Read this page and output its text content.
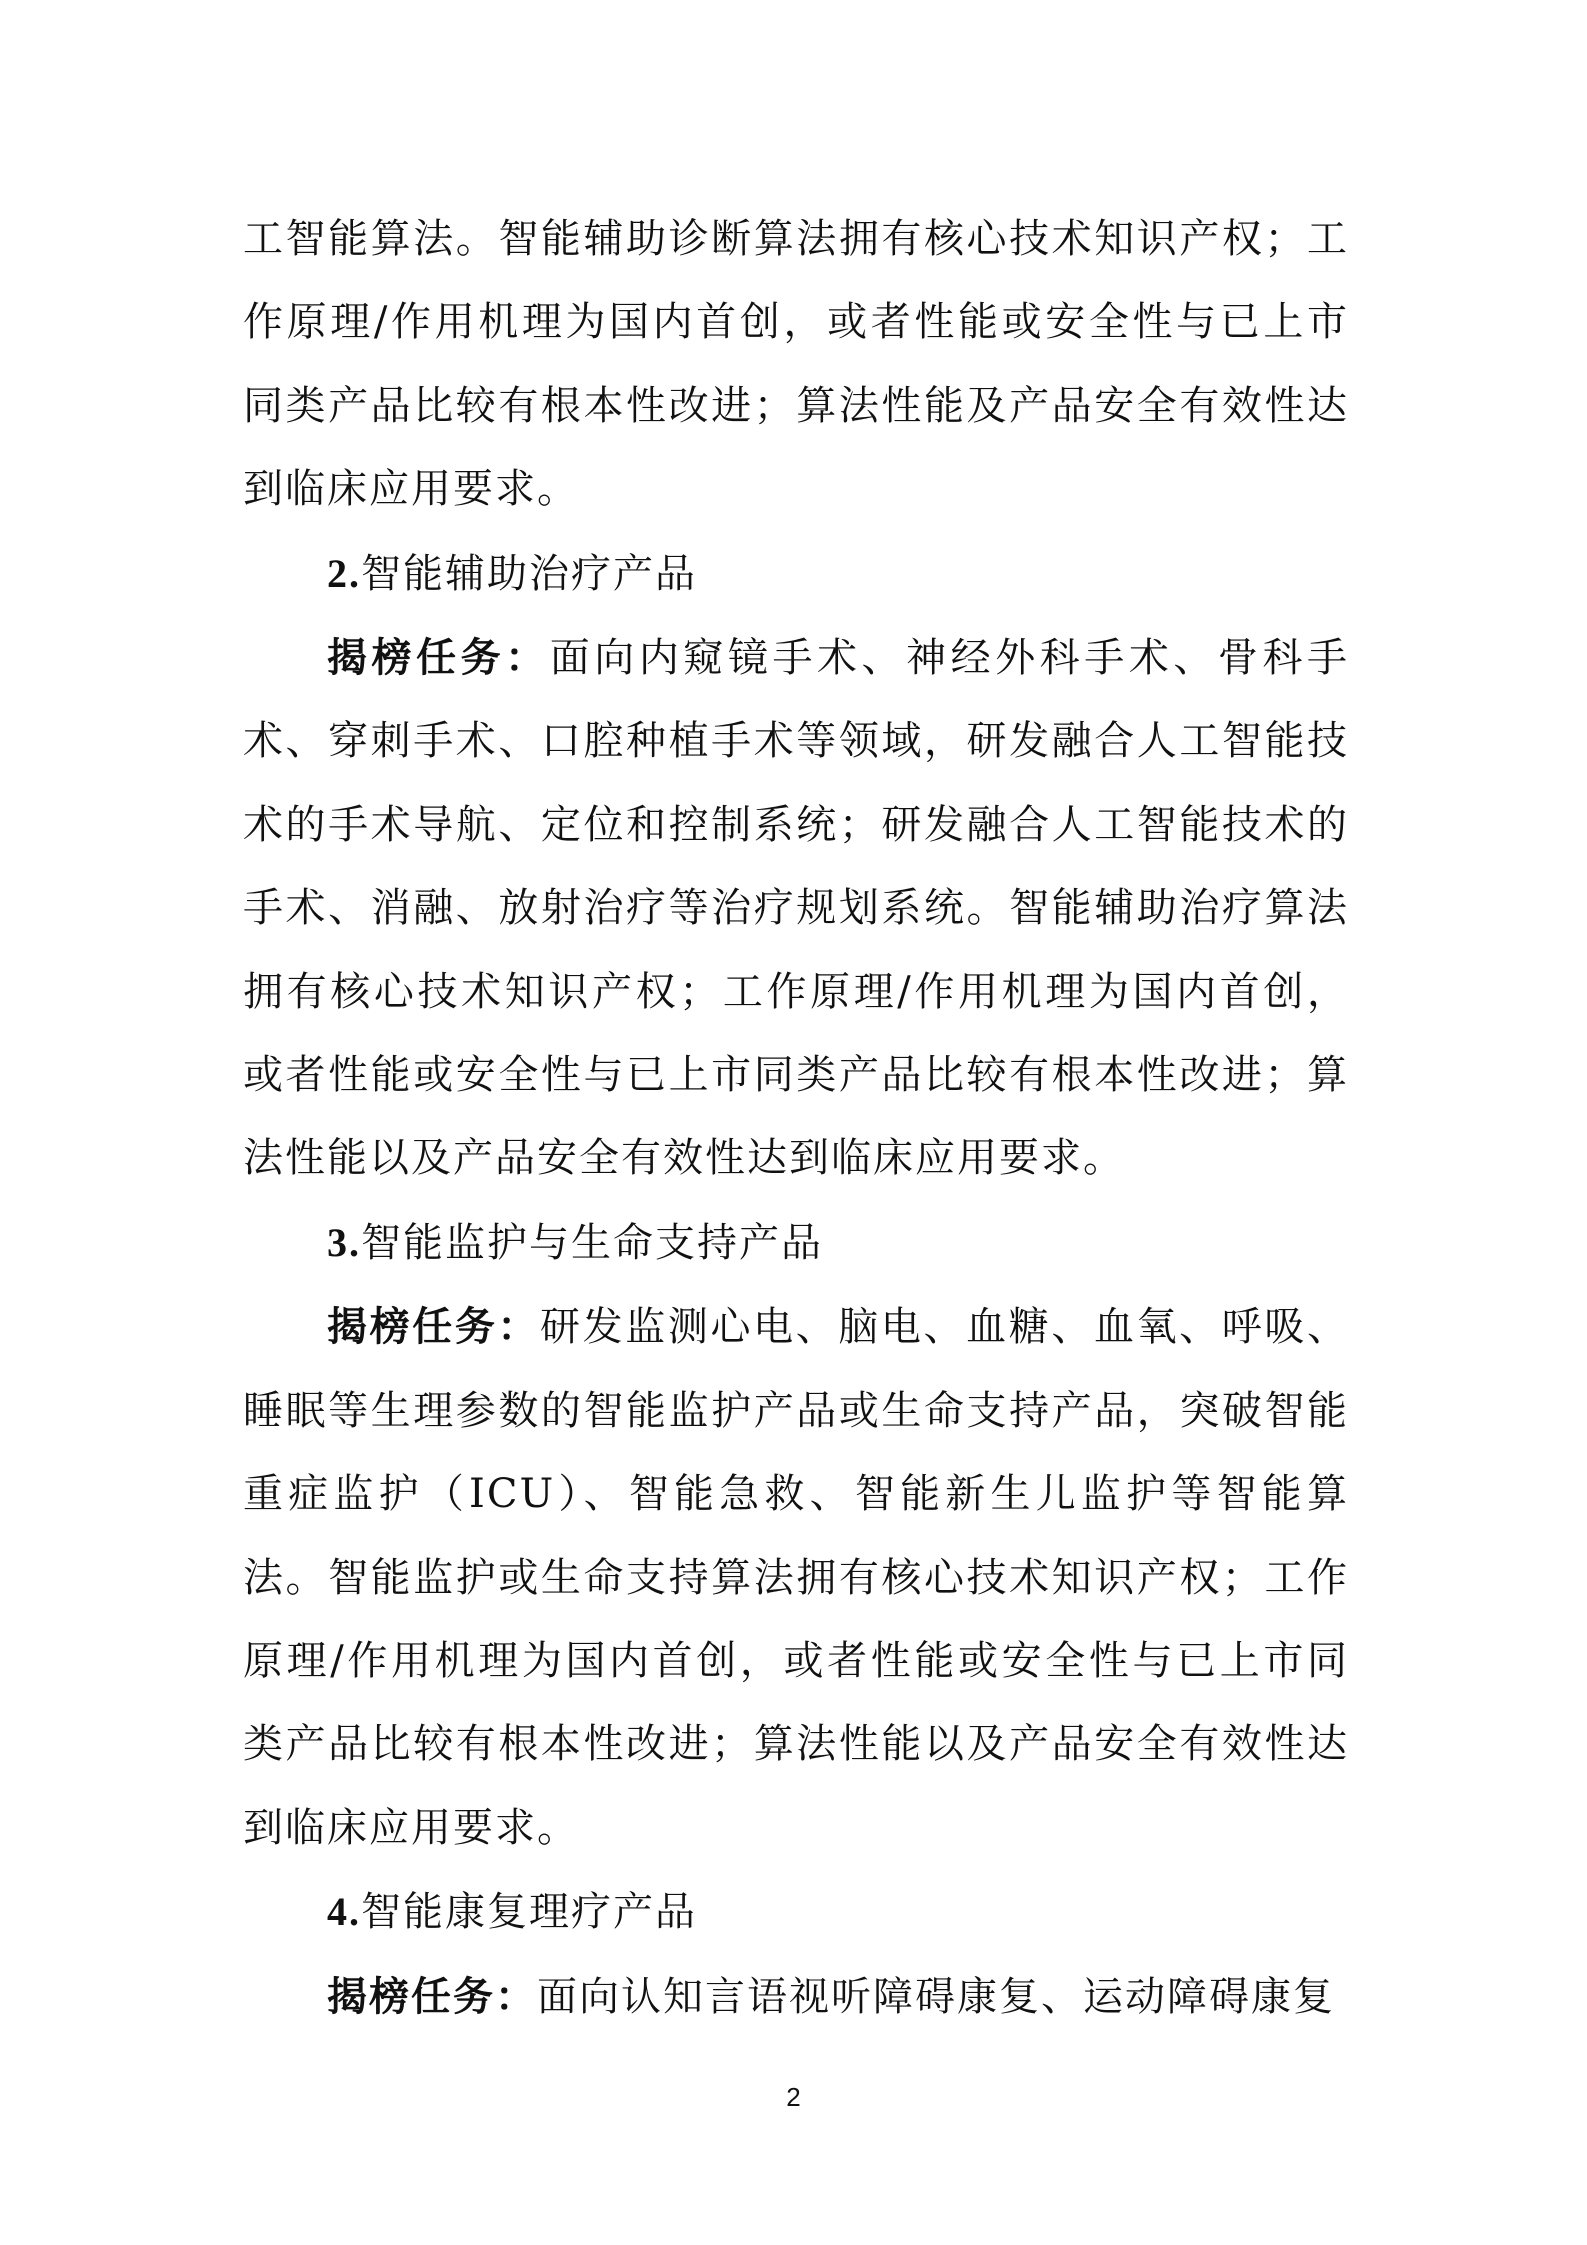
工智能算法。智能辅助诊断算法拥有核心技术知识产权；工作原理/作用机理为国内首创，或者性能或安全性与已上市同类产品比较有根本性改进；算法性能及产品安全有效性达到临床应用要求。

2.智能辅助治疗产品

揭榜任务：面向内窥镜手术、神经外科手术、骨科手术、穿刺手术、口腔种植手术等领域，研发融合人工智能技术的手术导航、定位和控制系统；研发融合人工智能技术的手术、消融、放射治疗等治疗规划系统。智能辅助治疗算法拥有核心技术知识产权；工作原理/作用机理为国内首创，或者性能或安全性与已上市同类产品比较有根本性改进；算法性能以及产品安全有效性达到临床应用要求。

3.智能监护与生命支持产品

揭榜任务：研发监测心电、脑电、血糖、血氧、呼吸、睡眠等生理参数的智能监护产品或生命支持产品，突破智能重症监护（ICU）、智能急救、智能新生儿监护等智能算法。智能监护或生命支持算法拥有核心技术知识产权；工作原理/作用机理为国内首创，或者性能或安全性与已上市同类产品比较有根本性改进；算法性能以及产品安全有效性达到临床应用要求。

4.智能康复理疗产品

揭榜任务：面向认知言语视听障碍康复、运动障碍康复

2
